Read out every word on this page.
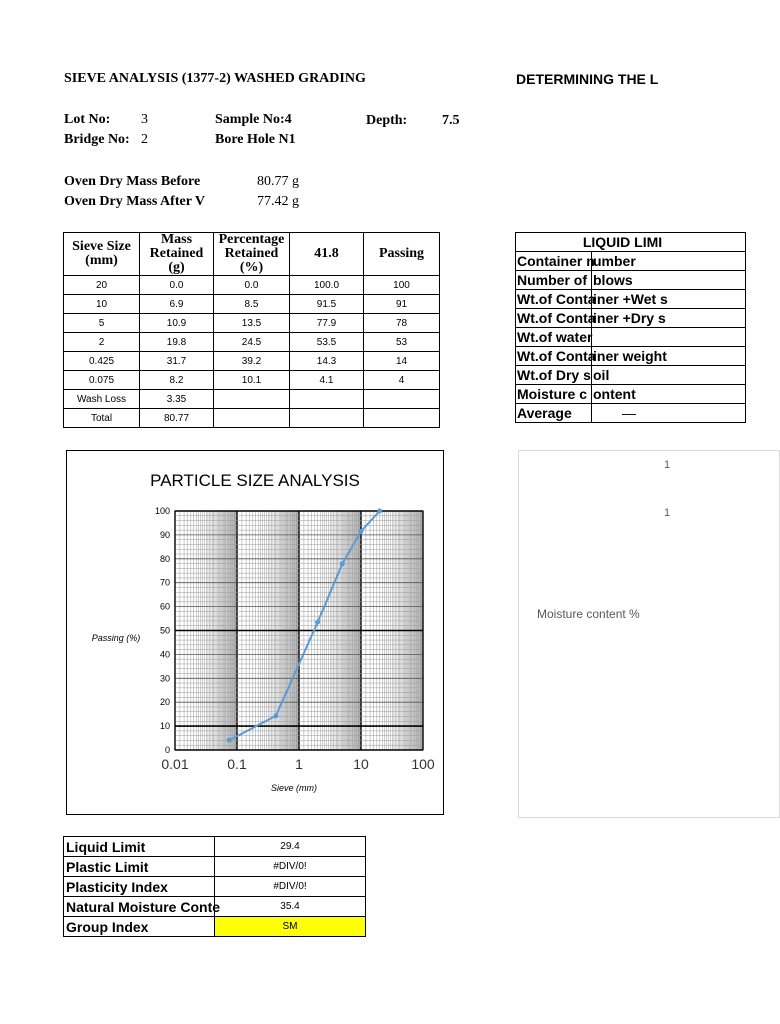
SIEVE ANALYSIS (1377-2) WASHED GRADING	DETERMINING THE L
Lot No: 3	Sample No:4	Depth: 7.5
Bridge No: 2	Bore Hole N1
Oven Dry Mass Before	80.77 g
Oven Dry Mass After V	77.42 g
Sieve Size (mm)	Mass Retained (g)	Percentage Retained (%)	41.8	Passing
20	0.0	0.0	100.0	100
10	6.9	8.5	91.5	91
5	10.9	13.5	77.9	78
2	19.8	24.5	53.5	53
0.425	31.7	39.2	14.3	14
0.075	8.2	10.1	4.1	4
Wash Loss	3.35			
Total	80.77			
LIQUID LIMI	
Container n	umber
Number of	blows
Wt.of Conta	iner +Wet s
Wt.of Conta	iner +Dry s
Wt.of water	
Wt.of Conta	iner weight
Wt.of Dry s	oil
Moisture c	ontent
Average	—
0
10
20
30
40
50
60
70
80
90
100
0.01	0.1	1	10	100
PARTICLE SIZE ANALYSIS
Passing (%)
Sieve (mm)
1
1
Moisture content %
Liquid Limit	29.4
Plastic Limit	#DIV/0!
Plasticity Index	#DIV/0!
Natural Moisture Conte	35.4
Group Index	SM
